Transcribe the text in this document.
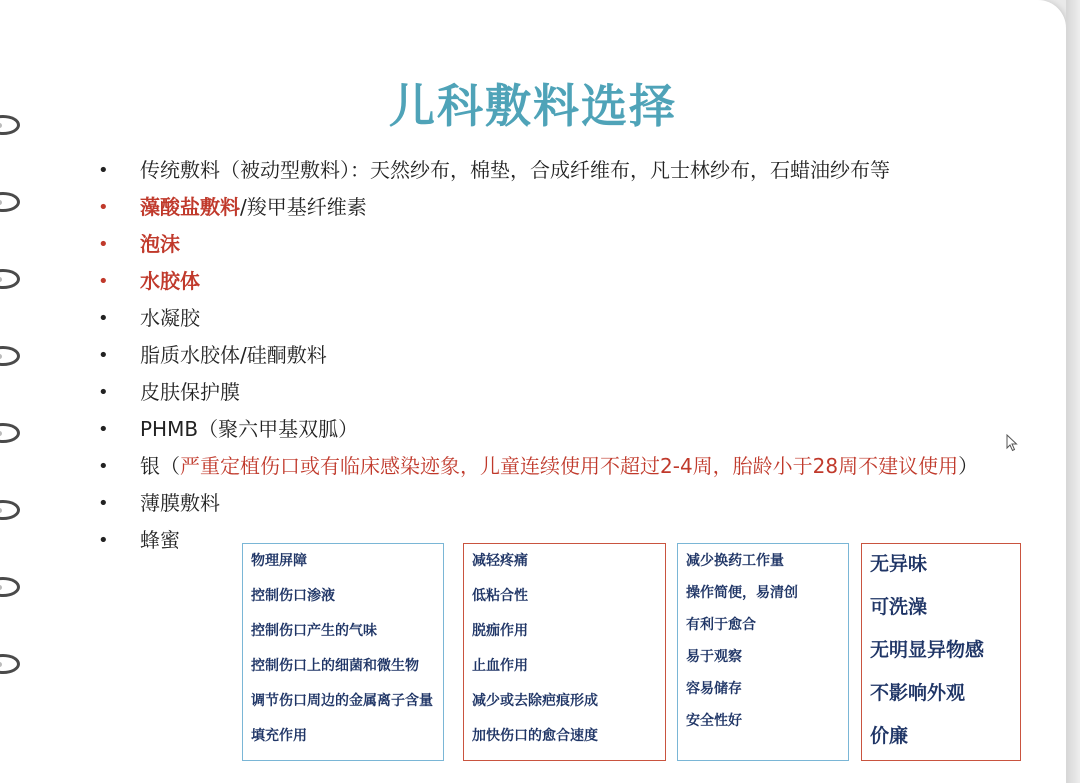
儿科敷料选择
• 传统敷料（被动型敷料）：天然纱布，棉垫，合成纤维布，凡士林纱布，石蜡油纱布等
• 藻酸盐敷料/羧甲基纤维素
• 泡沫
• 水胶体
• 水凝胶
• 脂质水胶体/硅酮敷料
• 皮肤保护膜
• PHMB（聚六甲基双胍）
• 银（严重定植伤口或有临床感染迹象，儿童连续使用不超过2-4周，胎龄小于28周不建议使用）
• 薄膜敷料
• 蜂蜜
物理屏障
控制伤口渗液
控制伤口产生的气味
控制伤口上的细菌和微生物
调节伤口周边的金属离子含量
填充作用
减轻疼痛
低粘合性
脱痂作用
止血作用
减少或去除疤痕形成
加快伤口的愈合速度
减少换药工作量
操作简便，易清创
有利于愈合
易于观察
容易储存
安全性好
无异味
可洗澡
无明显异物感
不影响外观
价廉
